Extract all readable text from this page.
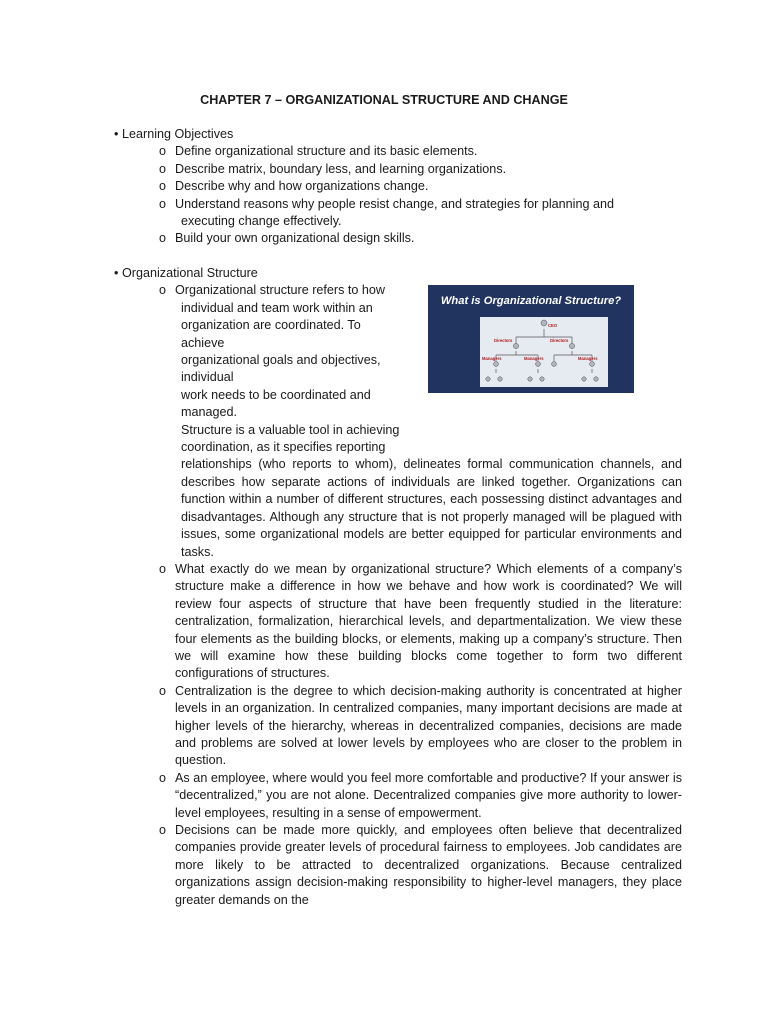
CHAPTER 7 – ORGANIZATIONAL STRUCTURE AND CHANGE
• Learning Objectives
o Define organizational structure and its basic elements.
o Describe matrix, boundary less, and learning organizations.
o Describe why and how organizations change.
o Understand reasons why people resist change, and strategies for planning and
executing change effectively.
o Build your own organizational design skills.
• Organizational Structure
o Organizational structure refers to how
individual and team work within an
organization are coordinated. To
achieve
organizational goals and objectives,
individual
work needs to be coordinated and
managed.
Structure is a valuable tool in achieving
coordination, as it specifies reporting
relationships (who reports to whom), delineates formal communication channels, and describes how separate actions of individuals are linked together. Organizations can function within a number of different structures, each possessing distinct advantages and disadvantages. Although any structure that is not properly managed will be plagued with issues, some organizational models are better equipped for particular environments and tasks.
o What exactly do we mean by organizational structure? Which elements of a company’s structure make a difference in how we behave and how work is coordinated? We will review four aspects of structure that have been frequently studied in the literature: centralization, formalization, hierarchical levels, and departmentalization. We view these four elements as the building blocks, or elements, making up a company’s structure. Then we will examine how these building blocks come together to form two different configurations of structures.
o Centralization is the degree to which decision-making authority is concentrated at higher levels in an organization. In centralized companies, many important decisions are made at higher levels of the hierarchy, whereas in decentralized companies, decisions are made and problems are solved at lower levels by employees who are closer to the problem in question.
o As an employee, where would you feel more comfortable and productive? If your answer is “decentralized,” you are not alone. Decentralized companies give more authority to lower-level employees, resulting in a sense of empowerment.
o Decisions can be made more quickly, and employees often believe that decentralized companies provide greater levels of procedural fairness to employees. Job candidates are more likely to be attracted to decentralized organizations. Because centralized organizations assign decision-making responsibility to higher-level managers, they place greater demands on the
What is Organizational Structure?
CEO
Directors	Directors
Managers	Managers	Managers
